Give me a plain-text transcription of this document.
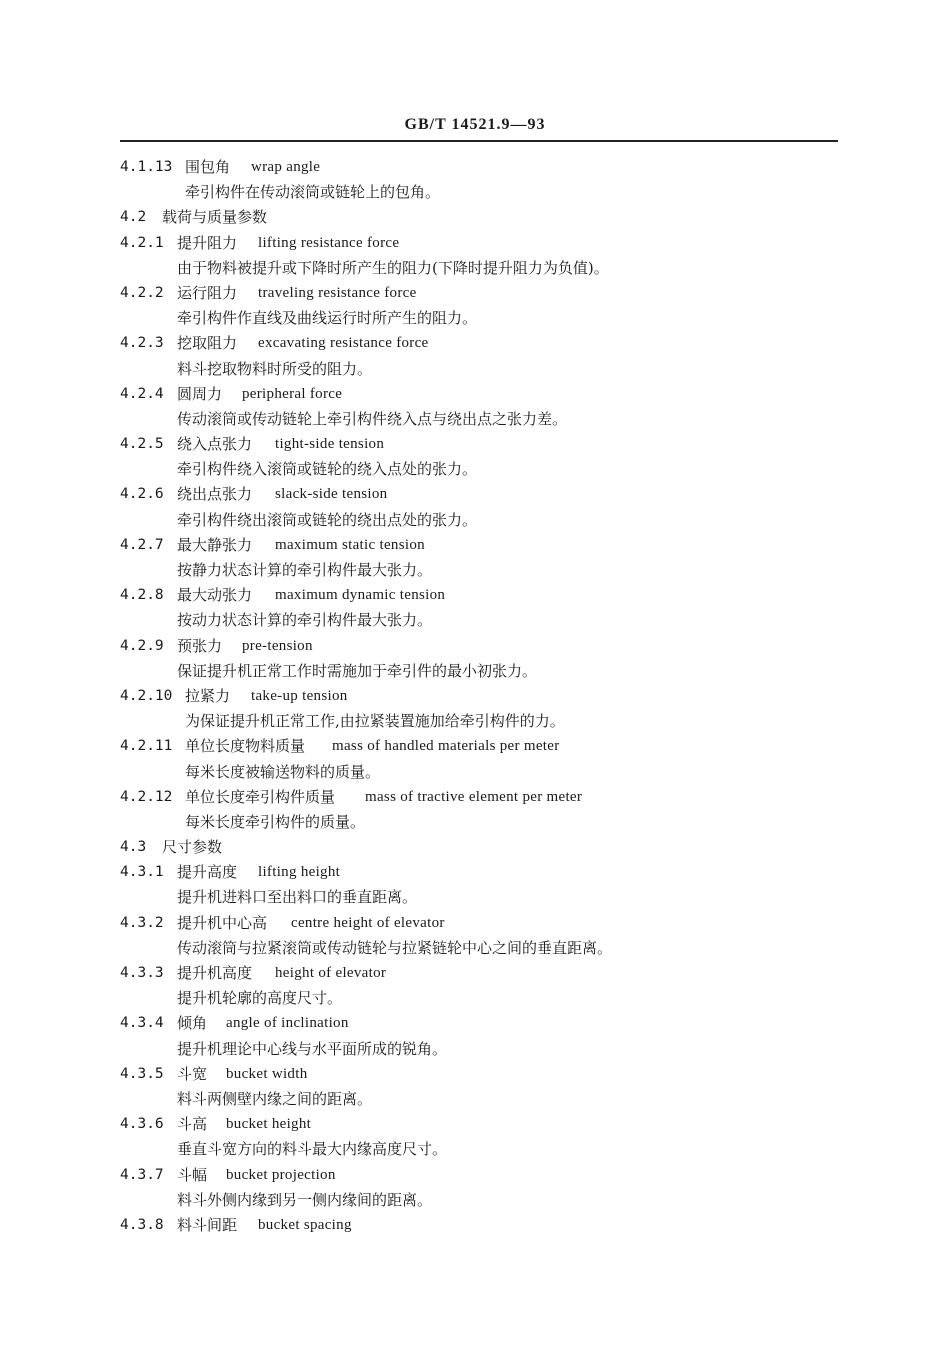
GB/T 14521.9—93
4.1.13 围包角 wrap angle
牵引构件在传动滚筒或链轮上的包角。
4.2 载荷与质量参数
4.2.1 提升阻力 lifting resistance force
由于物料被提升或下降时所产生的阻力(下降时提升阻力为负值)。
4.2.2 运行阻力 traveling resistance force
牵引构件作直线及曲线运行时所产生的阻力。
4.2.3 挖取阻力 excavating resistance force
料斗挖取物料时所受的阻力。
4.2.4 圆周力 peripheral force
传动滚筒或传动链轮上牵引构件绕入点与绕出点之张力差。
4.2.5 绕入点张力 tight-side tension
牵引构件绕入滚筒或链轮的绕入点处的张力。
4.2.6 绕出点张力 slack-side tension
牵引构件绕出滚筒或链轮的绕出点处的张力。
4.2.7 最大静张力 maximum static tension
按静力状态计算的牵引构件最大张力。
4.2.8 最大动张力 maximum dynamic tension
按动力状态计算的牵引构件最大张力。
4.2.9 预张力 pre-tension
保证提升机正常工作时需施加于牵引件的最小初张力。
4.2.10 拉紧力 take-up tension
为保证提升机正常工作,由拉紧装置施加给牵引构件的力。
4.2.11 单位长度物料质量 mass of handled materials per meter
每米长度被输送物料的质量。
4.2.12 单位长度牵引构件质量 mass of tractive element per meter
每米长度牵引构件的质量。
4.3 尺寸参数
4.3.1 提升高度 lifting height
提升机进料口至出料口的垂直距离。
4.3.2 提升机中心高 centre height of elevator
传动滚筒与拉紧滚筒或传动链轮与拉紧链轮中心之间的垂直距离。
4.3.3 提升机高度 height of elevator
提升机轮廓的高度尺寸。
4.3.4 倾角 angle of inclination
提升机理论中心线与水平面所成的锐角。
4.3.5 斗宽 bucket width
料斗两侧壁内缘之间的距离。
4.3.6 斗高 bucket height
垂直斗宽方向的料斗最大内缘高度尺寸。
4.3.7 斗幅 bucket projection
料斗外侧内缘到另一侧内缘间的距离。
4.3.8 料斗间距 bucket spacing
